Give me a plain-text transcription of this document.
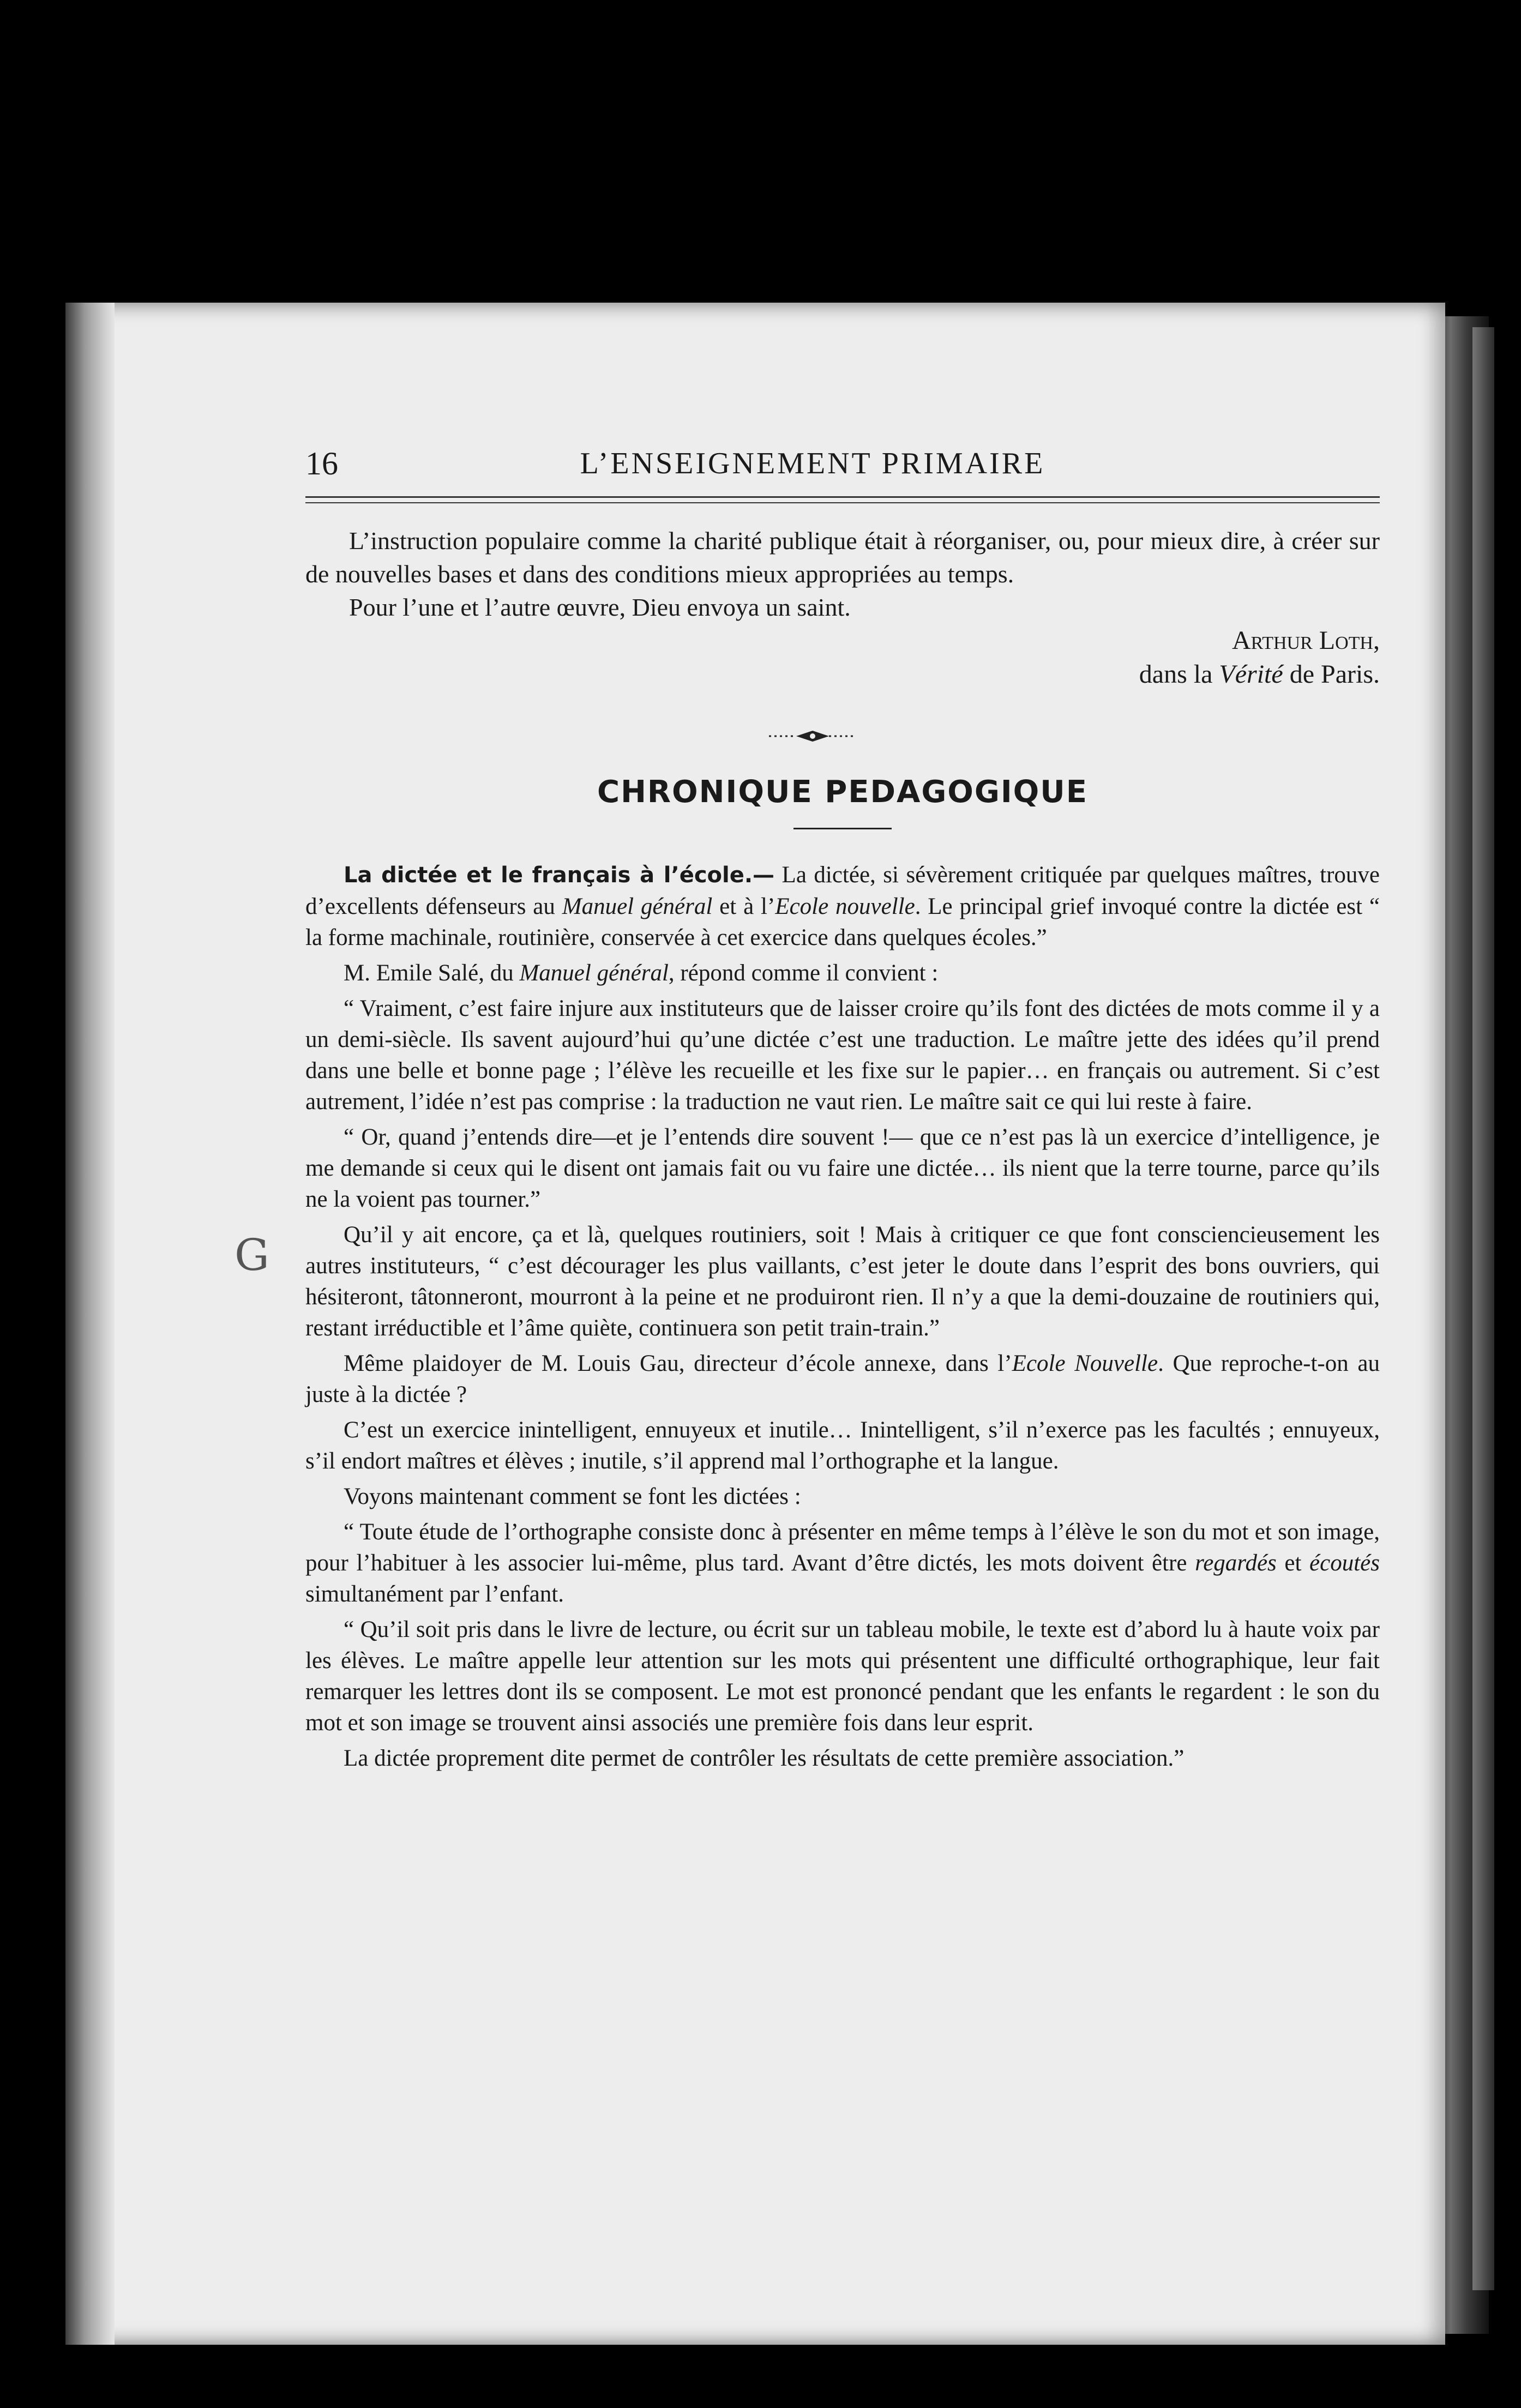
G
16	L’ENSEIGNEMENT PRIMAIRE

L’instruction populaire comme la charité publique était à réorganiser, ou, pour mieux dire, à créer sur de nouvelles bases et dans des conditions mieux appropriées au temps.

Pour l’une et l’autre œuvre, Dieu envoya un saint.

Arthur Loth,

dans la Vérité de Paris.

CHRONIQUE PEDAGOGIQUE

La dictée et le français à l’école.— La dictée, si sévèrement critiquée par quelques maîtres, trouve d’excellents défenseurs au Manuel général et à l’Ecole nouvelle. Le principal grief invoqué contre la dictée est “ la forme machinale, routinière, conservée à cet exercice dans quelques écoles.”

M. Emile Salé, du Manuel général, répond comme il convient :

“ Vraiment, c’est faire injure aux instituteurs que de laisser croire qu’ils font des dictées de mots comme il y a un demi-siècle. Ils savent aujourd’hui qu’une dictée c’est une traduction. Le maître jette des idées qu’il prend dans une belle et bonne page ; l’élève les recueille et les fixe sur le papier… en français ou autrement. Si c’est autrement, l’idée n’est pas comprise : la traduction ne vaut rien. Le maître sait ce qui lui reste à faire.

“ Or, quand j’entends dire—et je l’entends dire souvent !— que ce n’est pas là un exercice d’intelligence, je me demande si ceux qui le disent ont jamais fait ou vu faire une dictée… ils nient que la terre tourne, parce qu’ils ne la voient pas tourner.”

Qu’il y ait encore, ça et là, quelques routiniers, soit ! Mais à critiquer ce que font consciencieusement les autres instituteurs, “ c’est décourager les plus vaillants, c’est jeter le doute dans l’esprit des bons ouvriers, qui hésiteront, tâtonneront, mourront à la peine et ne produiront rien. Il n’y a que la demi-douzaine de routiniers qui, restant irréductible et l’âme quiète, continuera son petit train-train.”

Même plaidoyer de M. Louis Gau, directeur d’école annexe, dans l’Ecole Nouvelle. Que reproche-t-on au juste à la dictée ?

C’est un exercice inintelligent, ennuyeux et inutile… Inintelligent, s’il n’exerce pas les facultés ; ennuyeux, s’il endort maîtres et élèves ; inutile, s’il apprend mal l’orthographe et la langue.

Voyons maintenant comment se font les dictées :

“ Toute étude de l’orthographe consiste donc à présenter en même temps à l’élève le son du mot et son image, pour l’habituer à les associer lui-même, plus tard. Avant d’être dictés, les mots doivent être regardés et écoutés simultanément par l’enfant.

“ Qu’il soit pris dans le livre de lecture, ou écrit sur un tableau mobile, le texte est d’abord lu à haute voix par les élèves. Le maître appelle leur attention sur les mots qui présentent une difficulté orthographique, leur fait remarquer les lettres dont ils se composent. Le mot est prononcé pendant que les enfants le regardent : le son du mot et son image se trouvent ainsi associés une première fois dans leur esprit.

La dictée proprement dite permet de contrôler les résultats de cette première association.”
